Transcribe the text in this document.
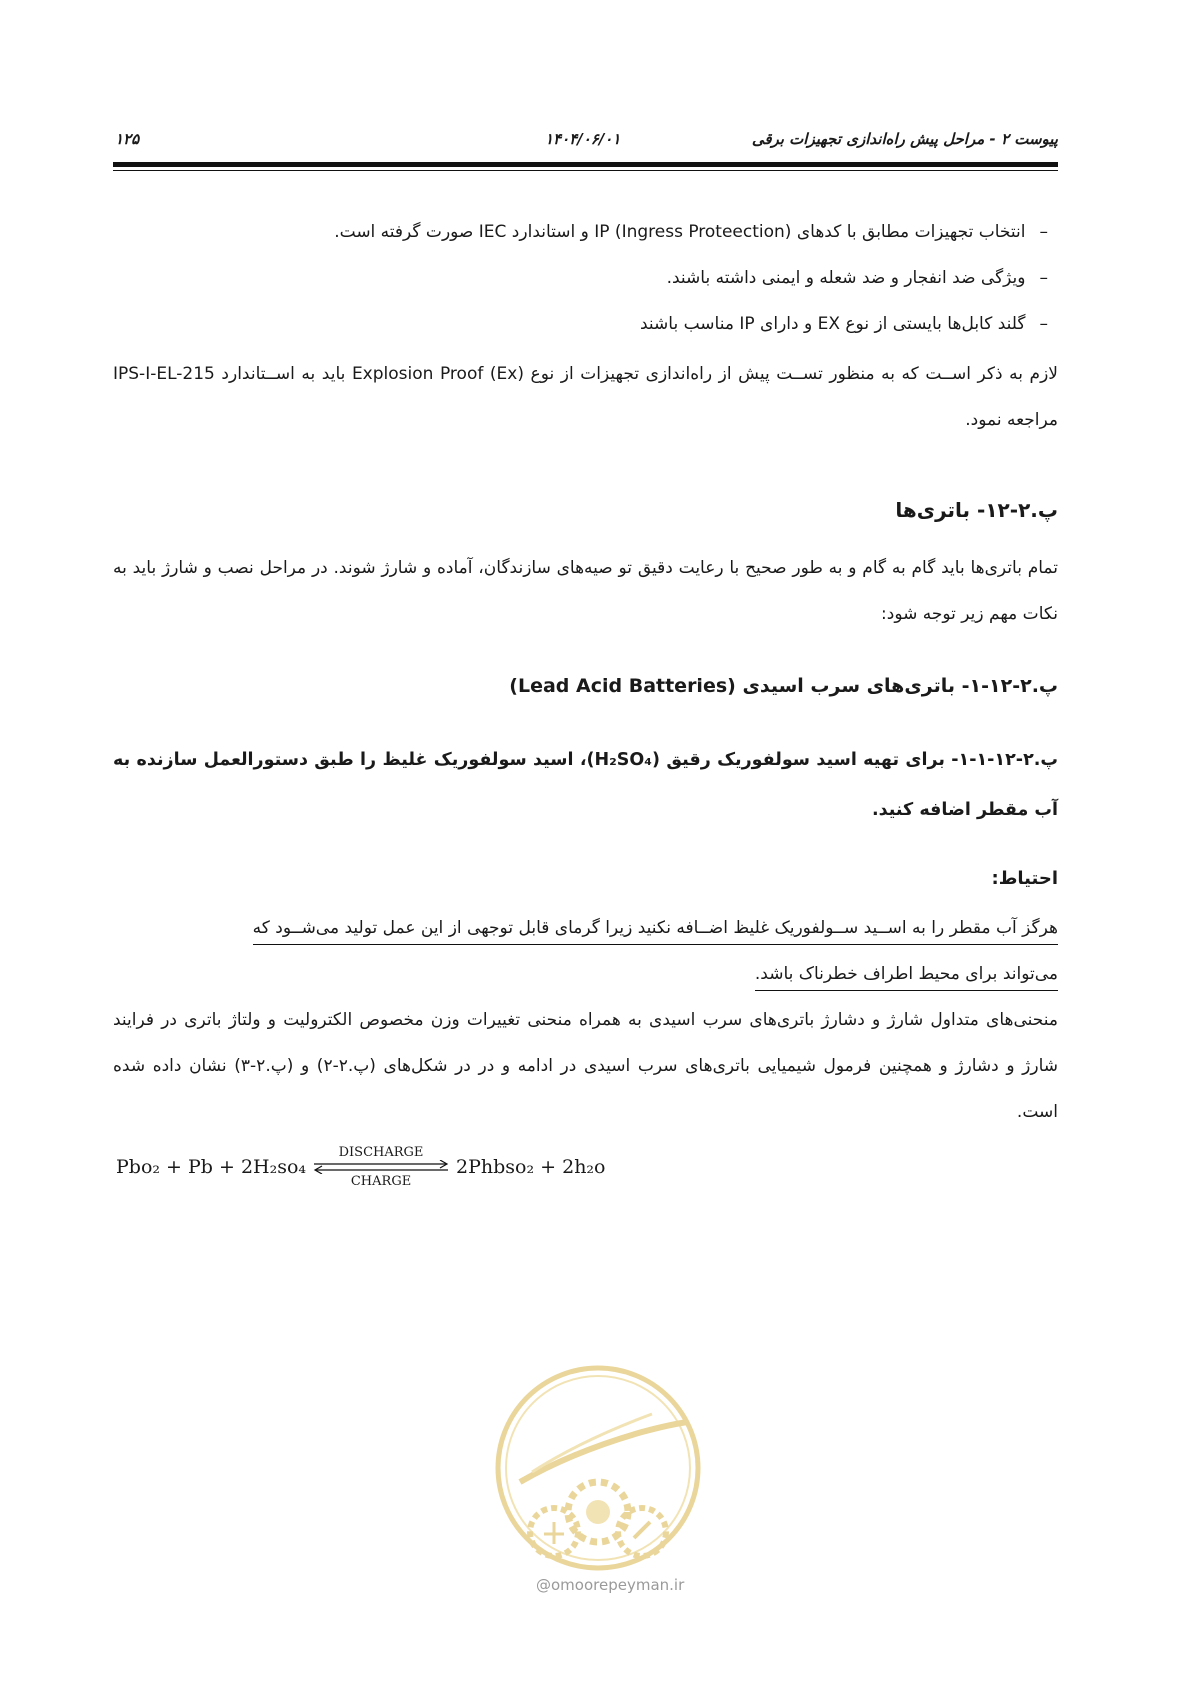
پیوست ۲ - مراحل پیش راه‌اندازی تجهیزات برقی
۱۴۰۴/۰۶/۰۱
۱۲۵
–انتخاب تجهیزات مطابق با کدهای IP (Ingress Proteection) و استاندارد IEC صورت گرفته است.
–ویژگی ضد انفجار و ضد شعله و ایمنی داشته باشند.
–گلند کابل‌ها بایستی از نوع EX و دارای IP مناسب باشند
لازم به ذکر اســت که به منظور تســت پیش از راه‌اندازی تجهیزات از نوع Explosion Proof (Ex) باید به اســتاندارد IPS-I-EL-215 مراجعه نمود.
پ.۲-۱۲- باتری‌ها
تمام باتری‌ها باید گام به گام و به طور صحیح با رعایت دقیق تو صیه‌های سازندگان، آماده و شارژ شوند. در مراحل نصب و شارژ باید به نکات مهم زیر توجه شود:
پ.۲-۱۲-۱- باتری‌های سرب اسیدی (Lead Acid Batteries)
پ.۲-۱۲-۱-۱- برای تهیه اسید سولفوریک رقیق (H₂SO₄)، اسید سولفوریک غلیظ را طبق دستورالعمل سازنده به آب مقطر اضافه کنید.
احتیاط:
هرگز آب مقطر را به اســید ســولفوریک غلیظ اضــافه نکنید زیرا گرمای قابل توجهی از این عمل تولید می‌شــود که
می‌تواند برای محیط اطراف خطرناک باشد.
منحنی‌های متداول شارژ و دشارژ باتری‌های سرب اسیدی به همراه منحنی تغییرات وزن مخصوص الکترولیت و ولتاژ باتری در فرایند شارژ و دشارژ و همچنین فرمول شیمیایی باتری‌های سرب اسیدی در ادامه و در در شکل‌های (پ.۲-۲) و (پ.۲-۳) نشان داده شده است.
Pbo₂ + Pb + 2H₂so₄
DISCHARGE
CHARGE
2Phbso₂ + 2h₂o
@omoorepeyman.ir
